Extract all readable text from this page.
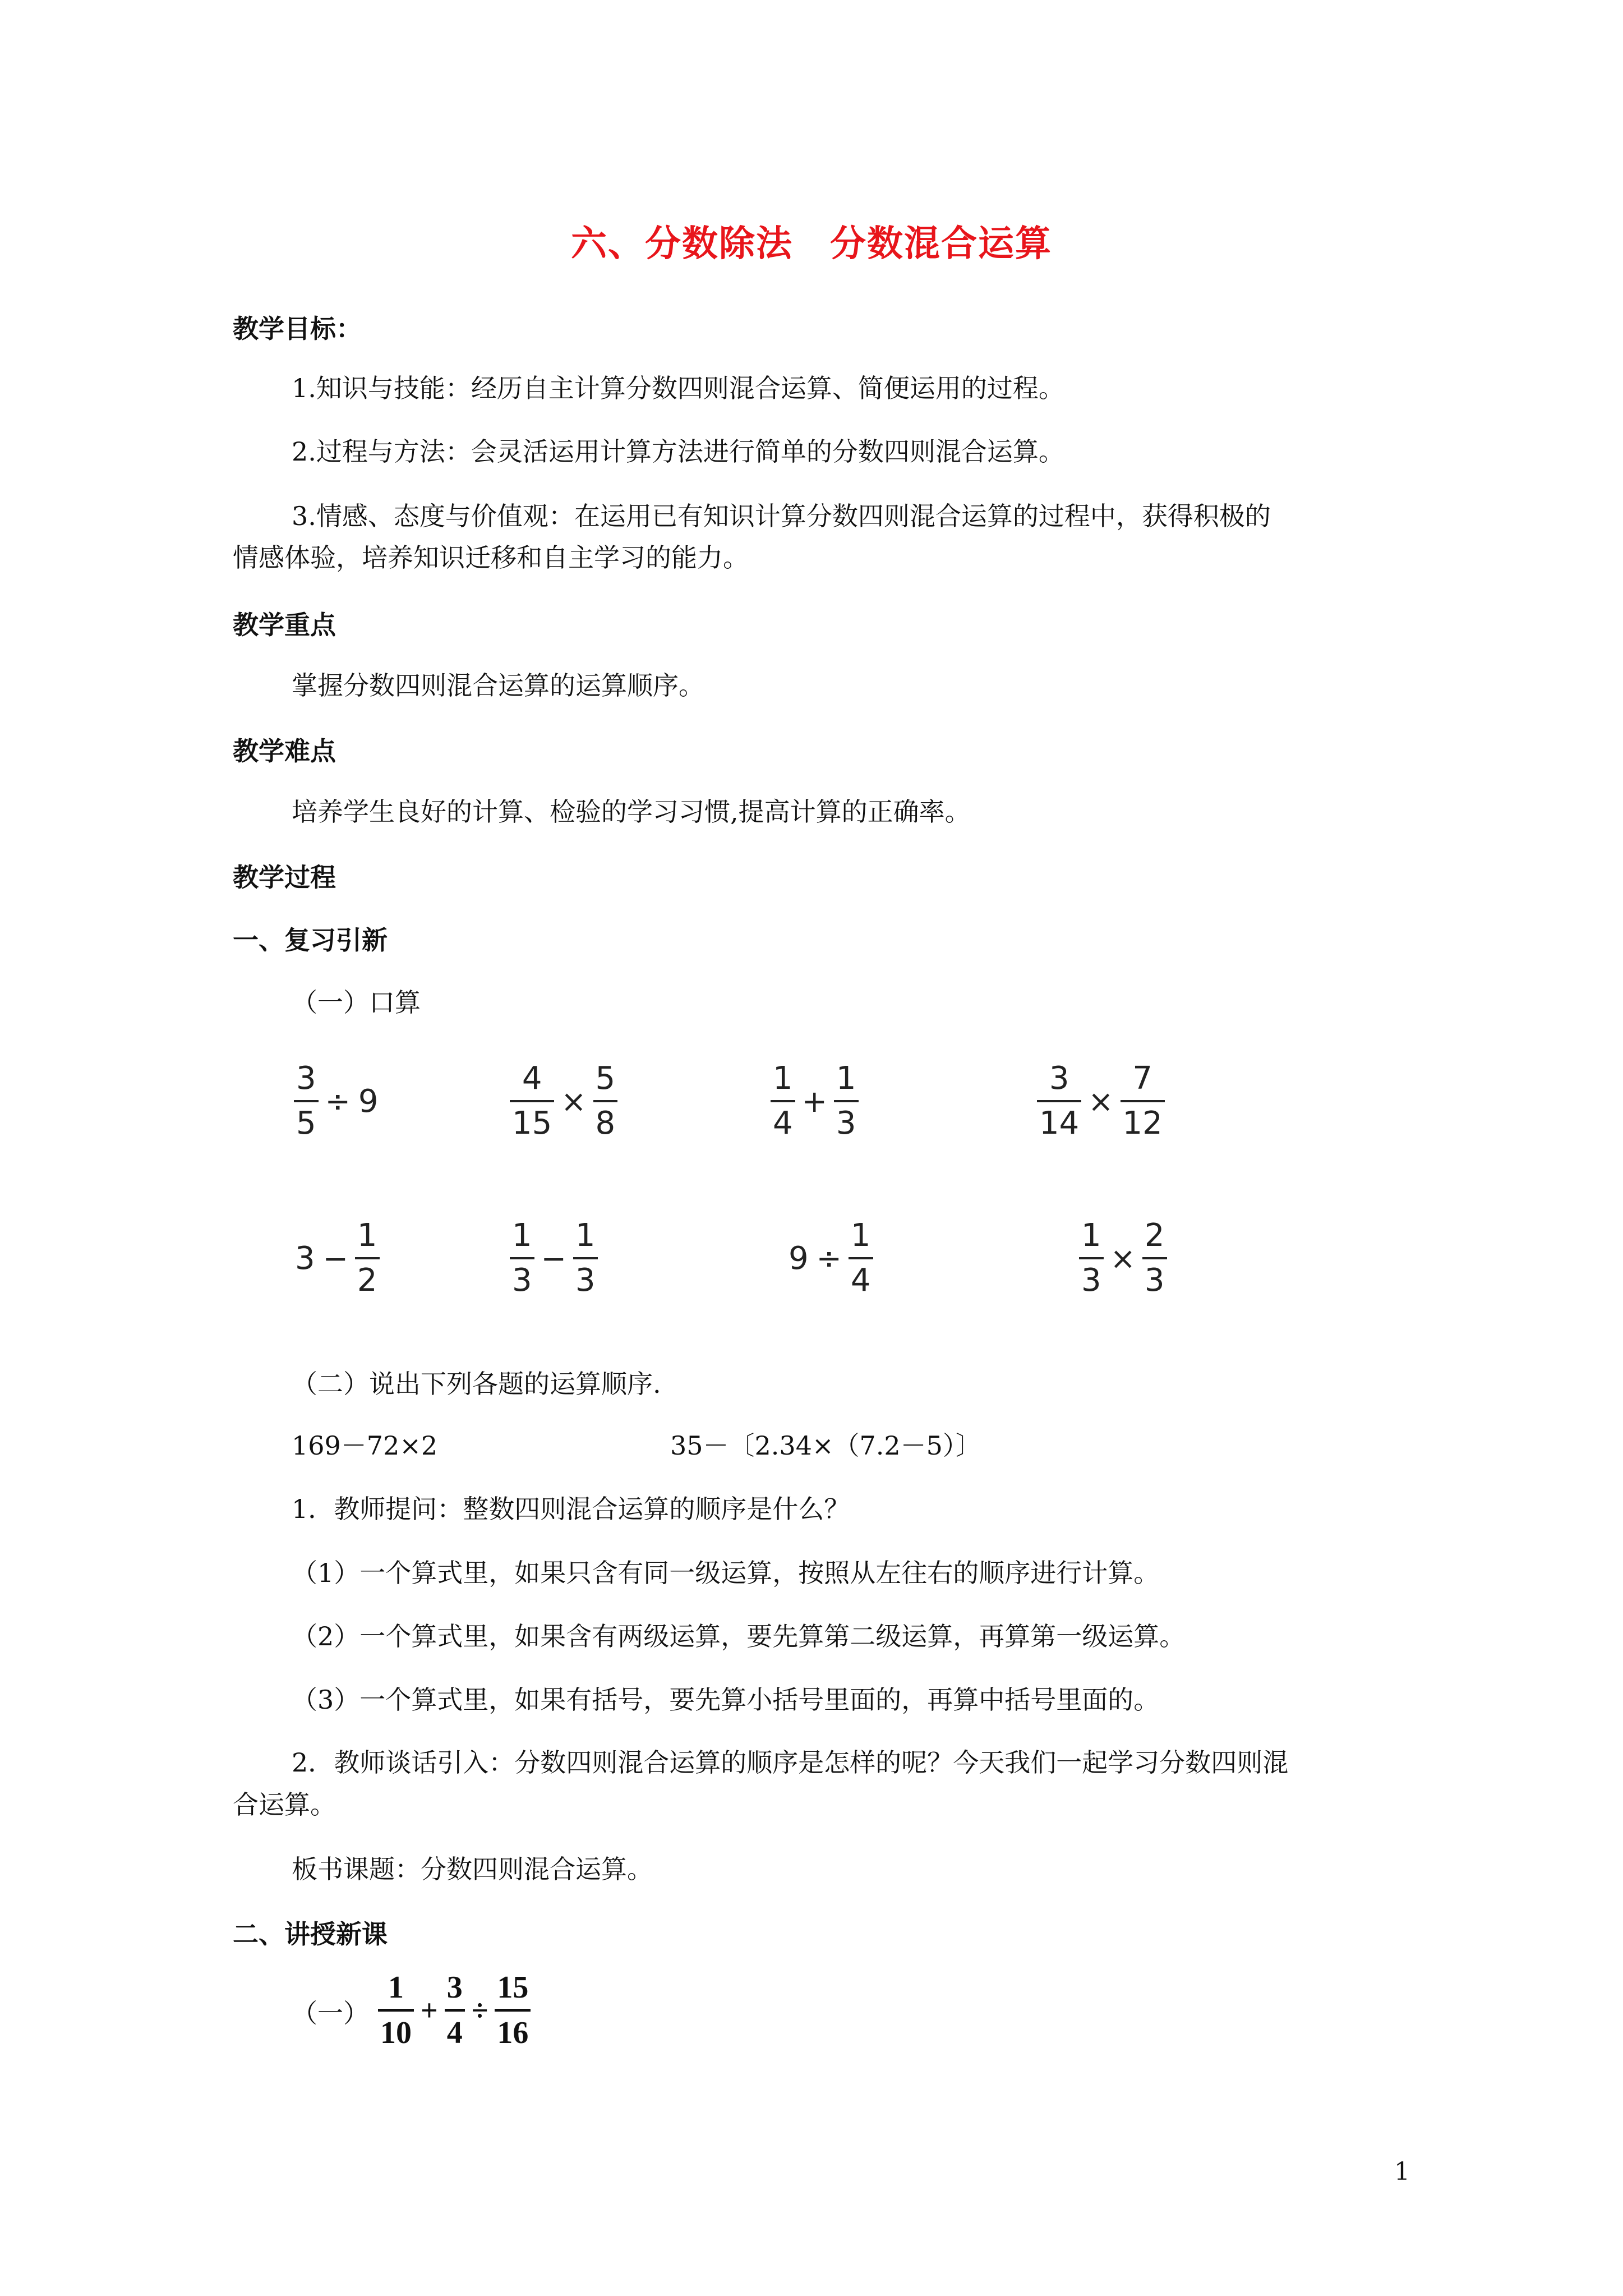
六、分数除法　分数混合运算
教学目标：
1.知识与技能：经历自主计算分数四则混合运算、简便运用的过程。
2.过程与方法：会灵活运用计算方法进行简单的分数四则混合运算。
3.情感、态度与价值观：在运用已有知识计算分数四则混合运算的过程中，获得积极的
情感体验，培养知识迁移和自主学习的能力。
教学重点
掌握分数四则混合运算的运算顺序。
教学难点
培养学生良好的计算、检验的学习习惯,提高计算的正确率。
教学过程
一、复习引新
（一）口算
$\frac{3}{5} \div 9$	$\frac{4}{15} \times \frac{5}{8}$	$\frac{1}{4} + \frac{1}{3}$	$\frac{3}{14} \times \frac{7}{12}$
$3 - \frac{1}{2}$	$\frac{1}{3} - \frac{1}{3}$	$9 \div \frac{1}{4}$	$\frac{1}{3} \times \frac{2}{3}$
（二）说出下列各题的运算顺序.
169－72×2	35－〔2.34×（7.2－5）〕
1．教师提问：整数四则混合运算的顺序是什么？
（1）一个算式里，如果只含有同一级运算，按照从左往右的顺序进行计算。
（2）一个算式里，如果含有两级运算，要先算第二级运算，再算第一级运算。
（3）一个算式里，如果有括号，要先算小括号里面的，再算中括号里面的。
2．教师谈话引入：分数四则混合运算的顺序是怎样的呢？今天我们一起学习分数四则混
合运算。
板书课题：分数四则混合运算。
二、讲授新课
（一）
1
10
+
3
4
÷
15
16
1
